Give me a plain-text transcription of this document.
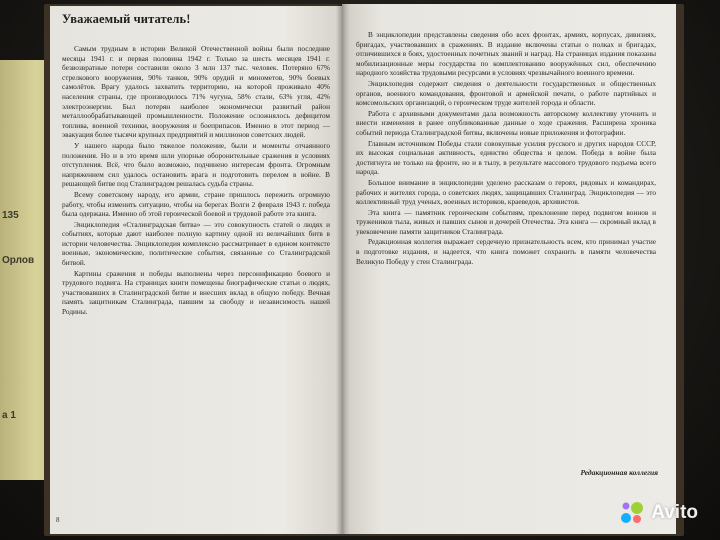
135
Орлов
а 1
Уважаемый читатель!

Самым трудным в истории Великой Отечественной войны были последние месяцы 1941 г. и первая половина 1942 г. Только за шесть месяцев 1941 г. безвозвратные потери составили около 3 млн 137 тыс. человек. Потеряно 67% стрелкового вооружения, 90% танков, 90% орудий и минометов, 90% боевых самолётов. Врагу удалось захватить территорию, на которой проживало 40% населения страны, где производилось 71% чугуна, 58% стали, 63% угля, 42% электроэнергии. Был потерян наиболее экономически развитый район металлообрабатывающей промышленности. Положение осложнялось дефицитом топлива, военной техники, вооружения и боеприпасов. Именно в этот период — эвакуация более тысячи крупных предприятий и миллионов советских людей.

У нашего народа было тяжелое положение, были и моменты отчаянного положения. Но и в это время шли упорные оборонительные сражения в условиях отступления. Всё, что было возможно, подчинено интересам фронта. Огромным напряжением сил удалось остановить врага и подготовить перелом в войне. В решающей битве под Сталинградом решалась судьба страны.

Всему советскому народу, его армии, стране пришлось пережить огромную работу, чтобы изменить ситуацию, чтобы на берегах Волги 2 февраля 1943 г. победа была одержана. Именно об этой героической боевой и трудовой работе эта книга.

Энциклопедия «Сталинградская битва» — это совокупность статей о людях и событиях, которые дают наиболее полную картину одной из величайших битв в истории человечества. Энциклопедия комплексно рассматривает в едином контексте военные, экономические, политические события, связанные со Сталинградской битвой.

Картины сражения и победы выполнены через персонификацию боевого и трудового подвига. На страницах книги помещены биографические статьи о людях, участвовавших в Сталинградской битве и внесших вклад в общую победу. Вечная память защитникам Сталинграда, павшим за свободу и независимость нашей Родины.

8

В энциклопедии представлены сведения обо всех фронтах, армиях, корпусах, дивизиях, бригадах, участвовавших в сражениях. В издание включены статьи о полках и бригадах, отличившихся в боях, удостоенных почетных званий и наград. На страницах издания показаны мобилизационные меры государства по комплектованию вооружённых сил, обеспечению народного хозяйства трудовыми ресурсами в условиях чрезвычайного военного времени.

Энциклопедия содержит сведения о деятельности государственных и общественных органов, военного командования, фронтовой и армейской печати, о работе партийных и комсомольских организаций, о героическом труде жителей города и области.

Работа с архивными документами дала возможность авторскому коллективу уточнить и внести изменения в ранее опубликованные данные о ходе сражения. Расширена хроника событий периода Сталинградской битвы, включены новые приложения и фотографии.

Главным источником Победы стали совокупные усилия русского и других народов СССР, их высокая социальная активность, единство общества и целом. Победа в войне была достигнута не только на фронте, но и в тылу, в результате массового трудового подъема всего народа.

Большое внимание в энциклопедии уделено рассказам о героях, рядовых и командирах, рабочих и жителях города, о советских людях, защищавших Сталинград. Энциклопедия — это коллективный труд ученых, военных историков, краеведов, архивистов.

Эта книга — памятник героическим событиям, преклонение перед подвигом воинов и тружеников тыла, живых и павших сынов и дочерей Отечества. Эта книга — скромный вклад в увековечение памяти защитников Сталинграда.

Редакционная коллегия выражает сердечную признательность всем, кто принимал участие в подготовке издания, и надеется, что книга поможет сохранить в памяти человечества Великую Победу у стен Сталинграда.

Редакционная коллегия
Avito
